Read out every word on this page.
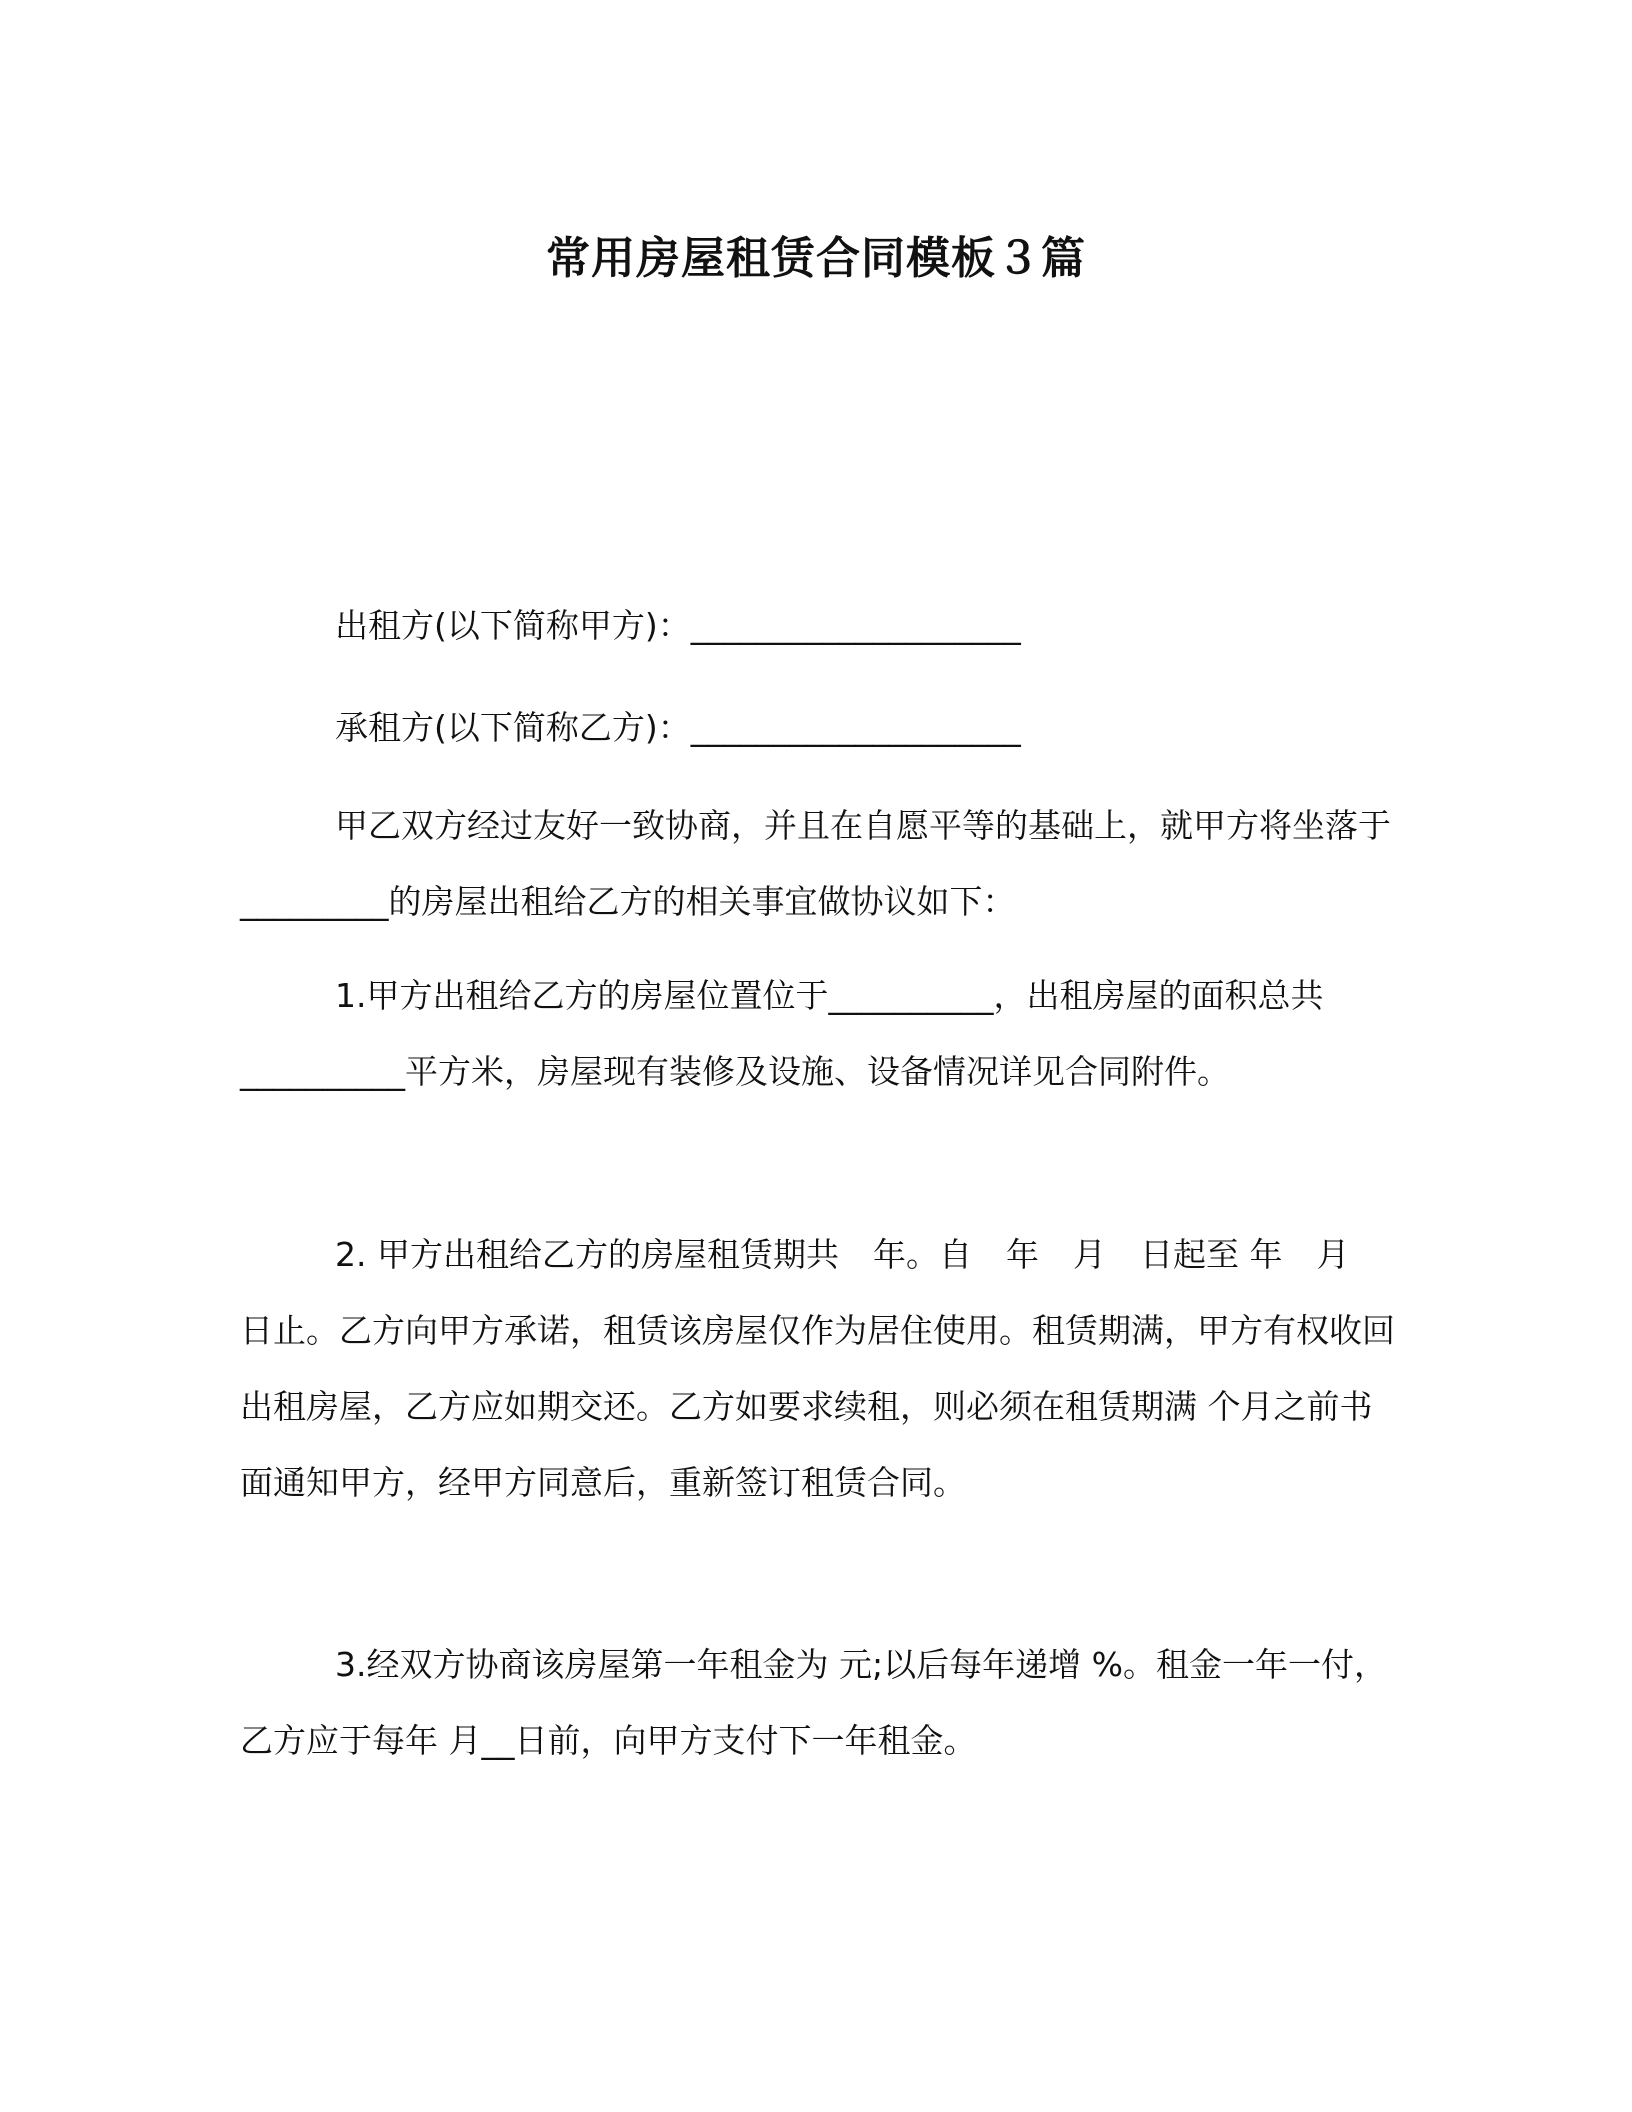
常用房屋租赁合同模板３篇
出租方(以下简称甲方)：____________________
承租方(以下简称乙方)：____________________
甲乙双方经过友好一致协商，并且在自愿平等的基础上，就甲方将坐落于_________的房屋出租给乙方的相关事宜做协议如下：
1.甲方出租给乙方的房屋位置位于__________，出租房屋的面积总共__________平方米，房屋现有装修及设施、设备情况详见合同附件。
2. 甲方出租给乙方的房屋租赁期共 年。自 年 月 日起至 年 月日止。乙方向甲方承诺，租赁该房屋仅作为居住使用。租赁期满，甲方有权收回出租房屋，乙方应如期交还。乙方如要求续租，则必须在租赁期满 个月之前书面通知甲方，经甲方同意后，重新签订租赁合同。
3.经双方协商该房屋第一年租金为 元;以后每年递增 %。租金一年一付，乙方应于每年 月__日前，向甲方支付下一年租金。
